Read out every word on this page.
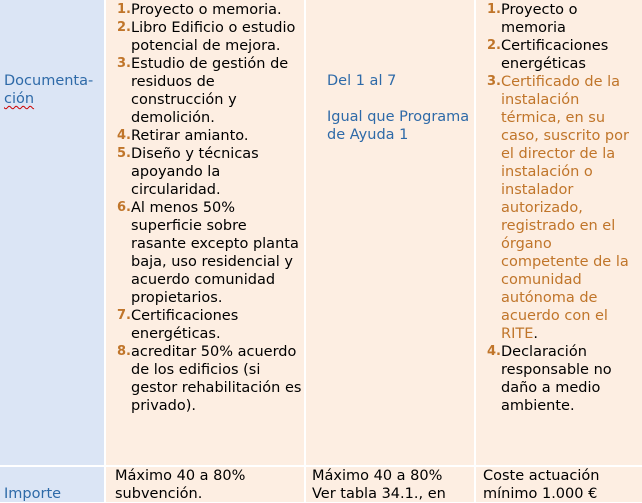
Documenta-
ción
1. Proyecto o memoria.
2. Libro Edificio o estudio potencial de mejora.
3. Estudio de gestión de residuos de construcción y demolición.
4. Retirar amianto.
5. Diseño y técnicas apoyando la circularidad.
6. Al menos 50% superficie sobre rasante excepto planta baja, uso residencial y acuerdo comunidad propietarios.
7. Certificaciones energéticas.
8. acreditar 50% acuerdo de los edificios (si gestor rehabilitación es privado).
Del 1 al 7
Igual que Programa de Ayuda 1
1. Proyecto o memoria
2. Certificaciones energéticas
3. Certificado de la instalación térmica, en su caso, suscrito por el director de la instalación o instalador autorizado, registrado en el órgano competente de la comunidad autónoma de acuerdo con el RITE.
4. Declaración responsable no daño a medio ambiente.
Importe
Máximo 40 a 80%
subvención.
Máximo 40 a 80%
Ver tabla 34.1., en
Coste actuación
mínimo 1.000 €
